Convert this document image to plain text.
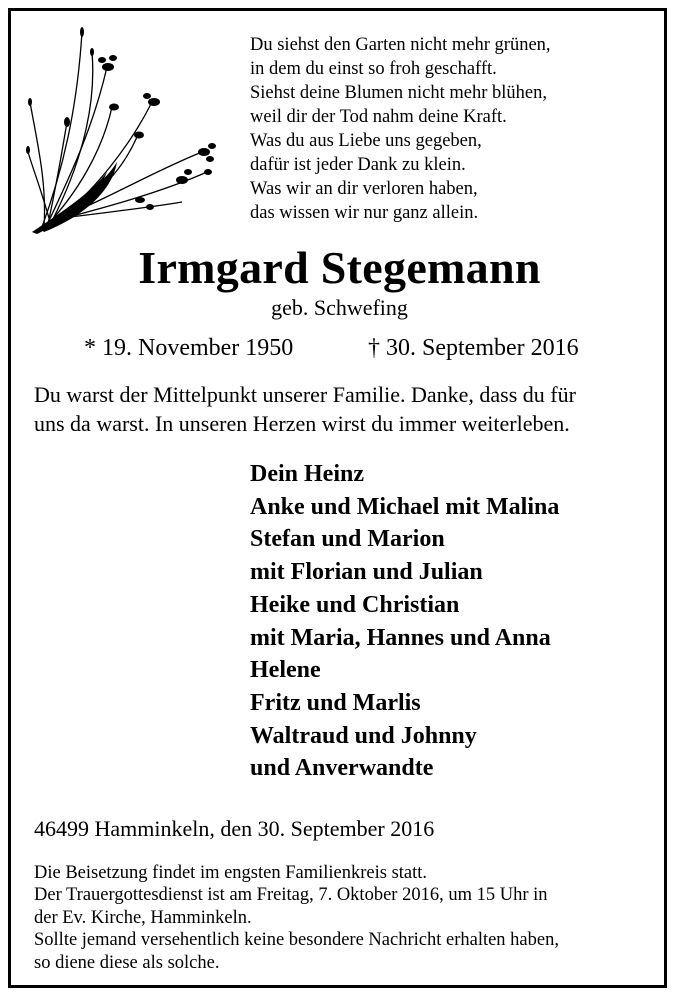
Du siehst den Garten nicht mehr grünen,
in dem du einst so froh geschafft.
Siehst deine Blumen nicht mehr blühen,
weil dir der Tod nahm deine Kraft.
Was du aus Liebe uns gegeben,
dafür ist jeder Dank zu klein.
Was wir an dir verloren haben,
das wissen wir nur ganz allein.
Irmgard Stegemann
geb. Schwefing
* 19. November 1950	† 30. September 2016
Du warst der Mittelpunkt unserer Familie. Danke, dass du für
uns da warst. In unseren Herzen wirst du immer weiterleben.
Dein Heinz
Anke und Michael mit Malina
Stefan und Marion
mit Florian und Julian
Heike und Christian
mit Maria, Hannes und Anna
Helene
Fritz und Marlis
Waltraud und Johnny
und Anverwandte
46499 Hamminkeln, den 30. September 2016
Die Beisetzung findet im engsten Familienkreis statt.
Der Trauergottesdienst ist am Freitag, 7. Oktober 2016, um 15 Uhr in
der Ev. Kirche, Hamminkeln.
Sollte jemand versehentlich keine besondere Nachricht erhalten haben,
so diene diese als solche.
